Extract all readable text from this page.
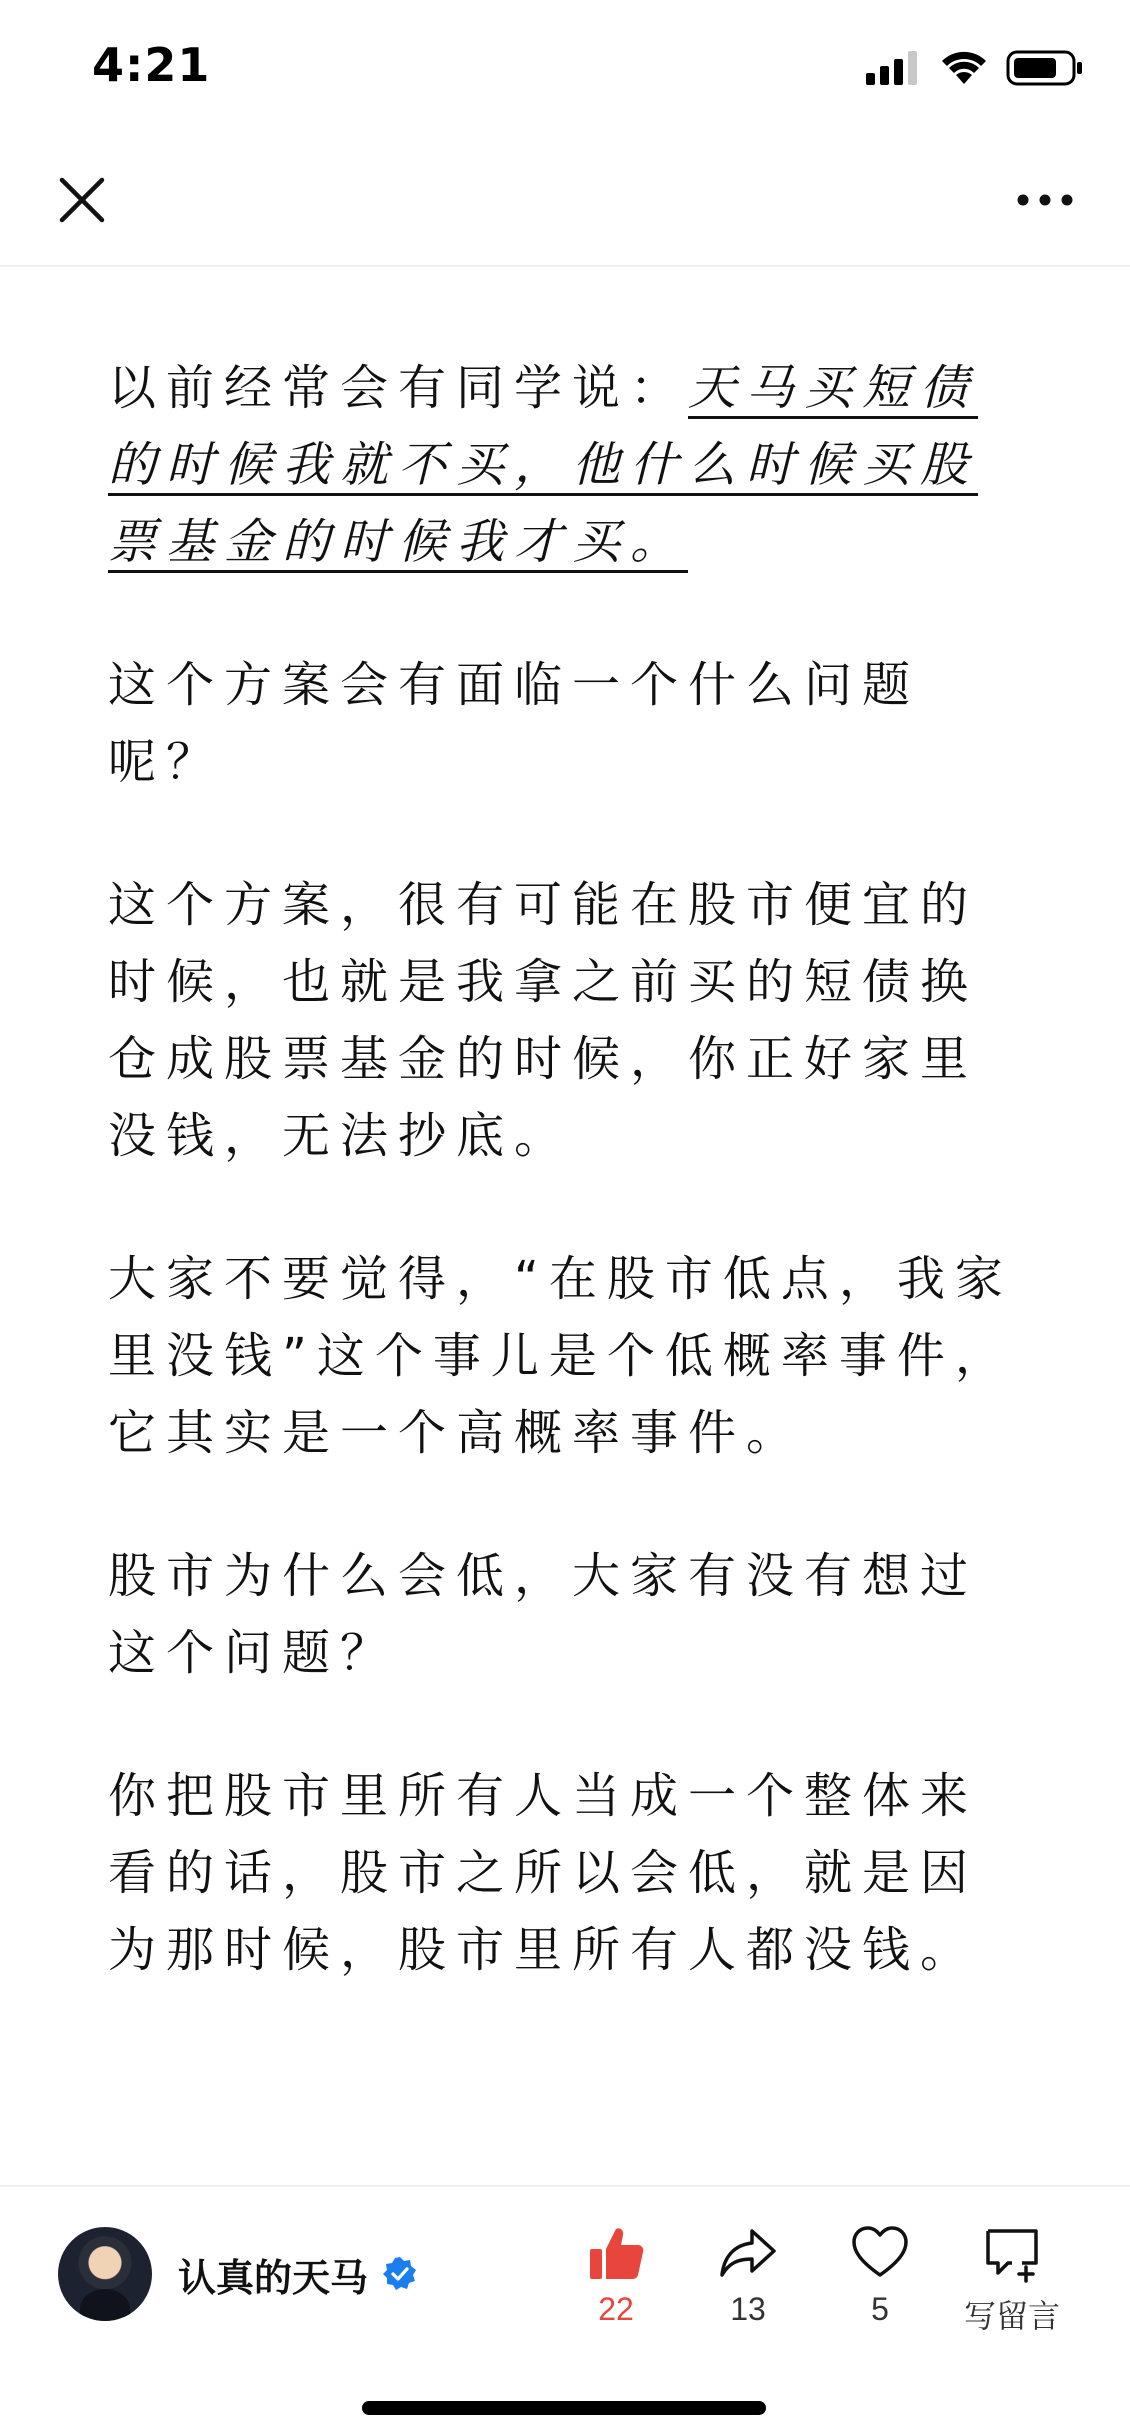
4:21

以前经常会有同学说：天马买短债的时候我就不买，他什么时候买股票基金的时候我才买。

这个方案会有面临一个什么问题呢？

这个方案，很有可能在股市便宜的时候，也就是我拿之前买的短债换仓成股票基金的时候，你正好家里没钱，无法抄底。

大家不要觉得，“在股市低点，我家里没钱”这个事儿是个低概率事件，它其实是一个高概率事件。

股市为什么会低，大家有没有想过这个问题？

你把股市里所有人当成一个整体来看的话，股市之所以会低，就是因为那时候，股市里所有人都没钱。

认真的天马
22	13	5	写留言
